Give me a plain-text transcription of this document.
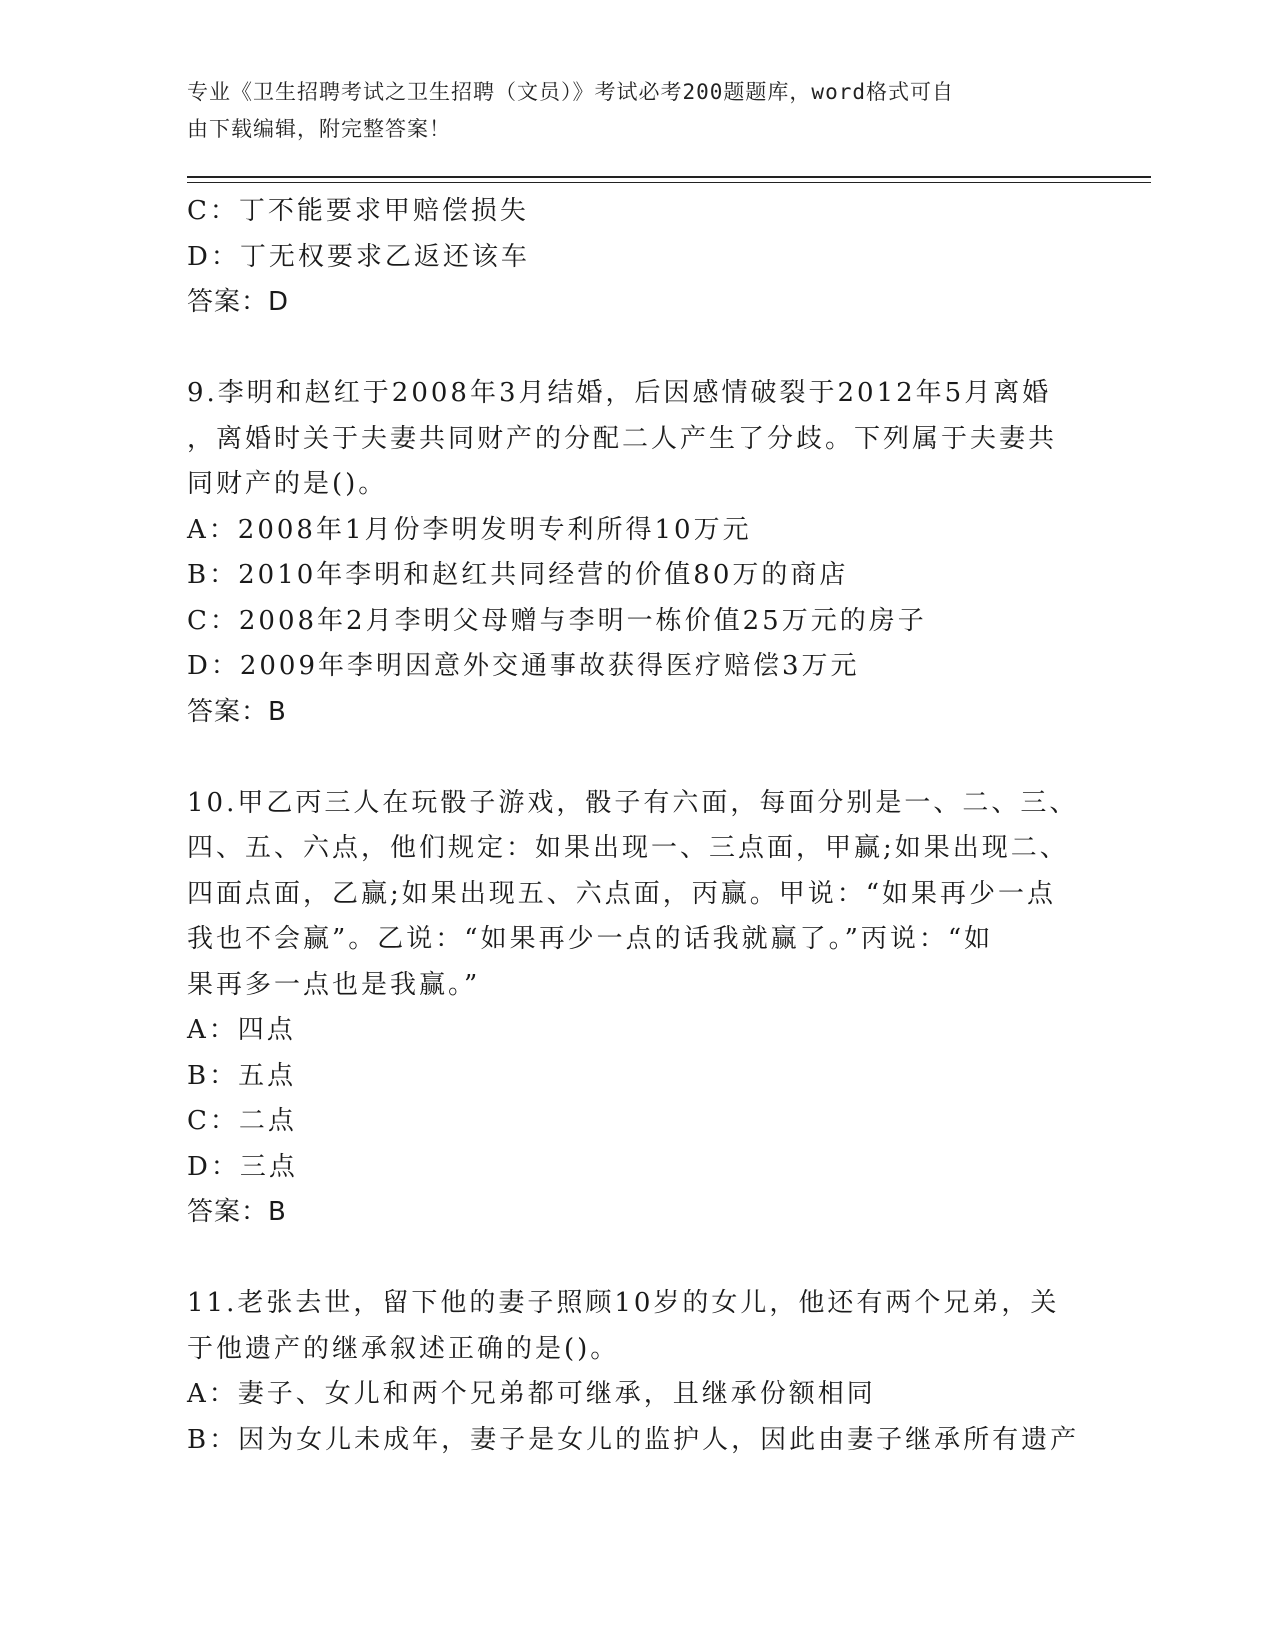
专业《卫生招聘考试之卫生招聘（文员）》考试必考200题题库，word格式可自
由下载编辑，附完整答案！
C：丁不能要求甲赔偿损失
D：丁无权要求乙返还该车
答案：D
9.李明和赵红于2008年3月结婚，后因感情破裂于2012年5月离婚
，离婚时关于夫妻共同财产的分配二人产生了分歧。下列属于夫妻共
同财产的是()。
A：2008年1月份李明发明专利所得10万元
B：2010年李明和赵红共同经营的价值80万的商店
C：2008年2月李明父母赠与李明一栋价值25万元的房子
D：2009年李明因意外交通事故获得医疗赔偿3万元
答案：B
10.甲乙丙三人在玩骰子游戏，骰子有六面，每面分别是一、二、三、
四、五、六点，他们规定：如果出现一、三点面，甲赢;如果出现二、
四面点面，乙赢;如果出现五、六点面，丙赢。甲说：“如果再少一点
我也不会赢”。乙说：“如果再少一点的话我就赢了。”丙说：“如
果再多一点也是我赢。”
A：四点
B：五点
C：二点
D：三点
答案：B
11.老张去世，留下他的妻子照顾10岁的女儿，他还有两个兄弟，关
于他遗产的继承叙述正确的是()。
A：妻子、女儿和两个兄弟都可继承，且继承份额相同
B：因为女儿未成年，妻子是女儿的监护人，因此由妻子继承所有遗产
